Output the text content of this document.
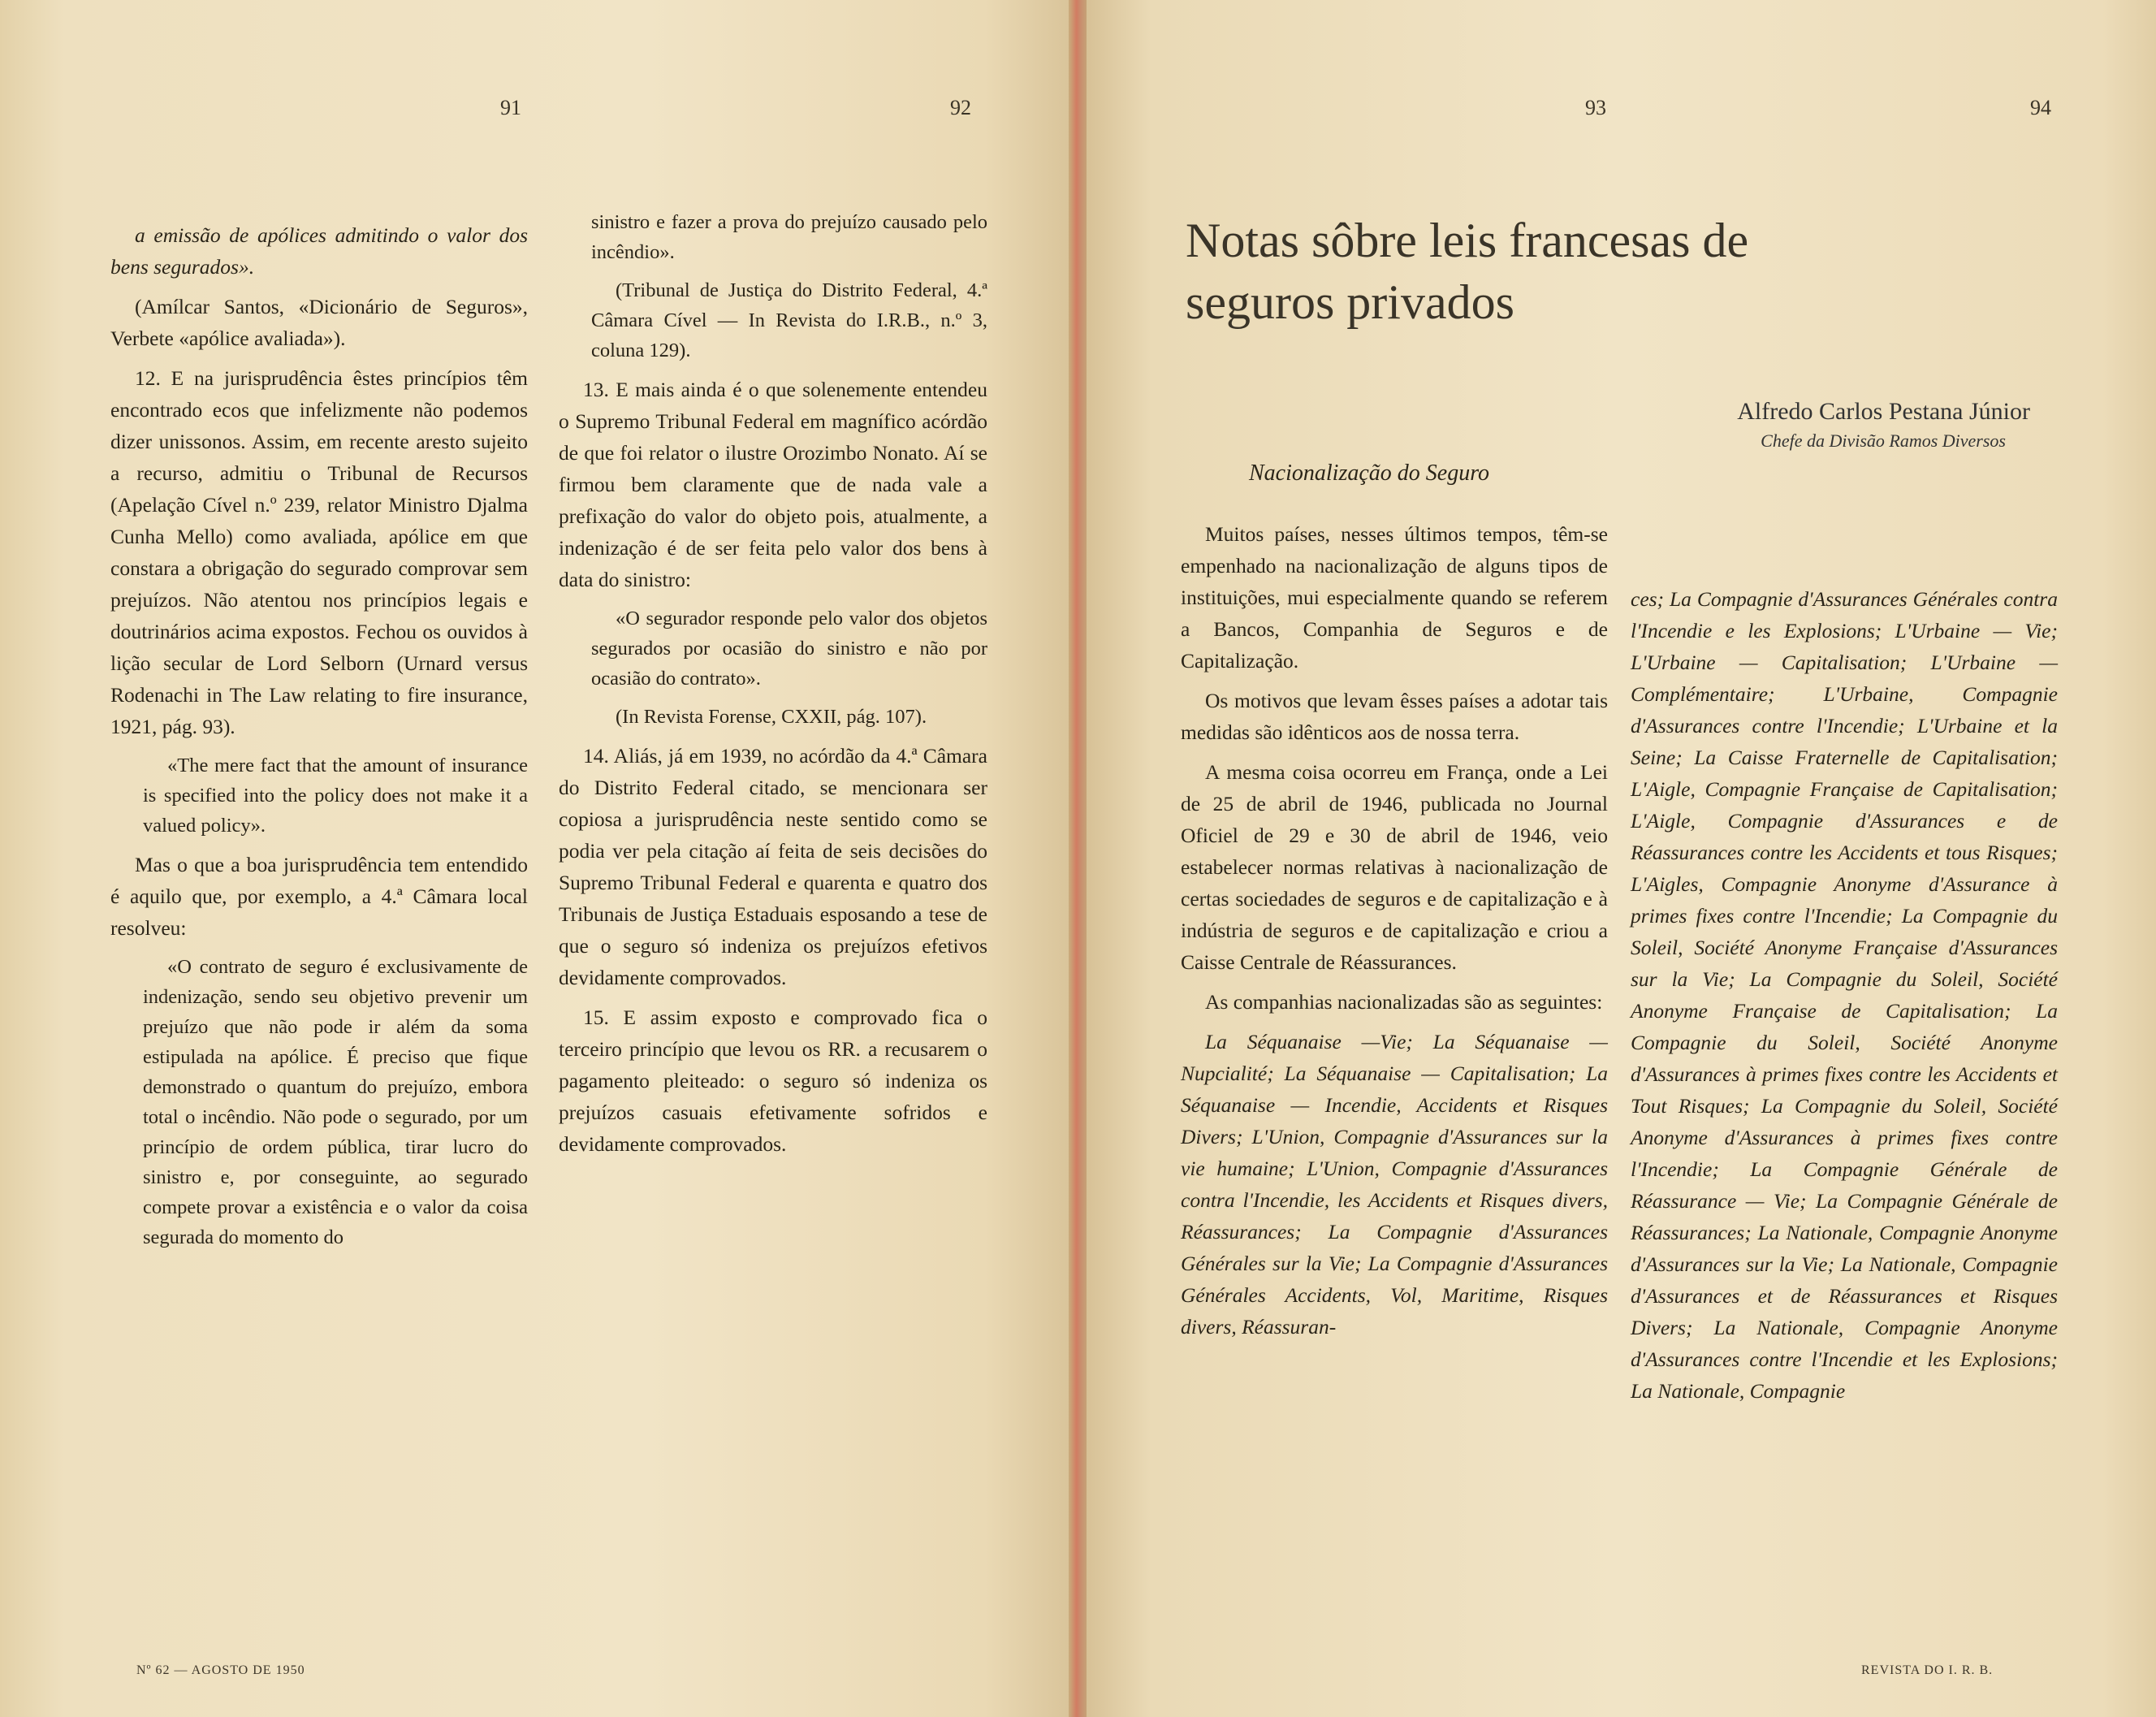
91	92	93	94

a emissão de apólices admitindo o valor dos bens segurados».

(Amílcar Santos, «Dicionário de Seguros», Verbete «apólice avaliada»).

12. E na jurisprudência êstes princípios têm encontrado ecos que infelizmente não podemos dizer unissonos. Assim, em recente aresto sujeito a recurso, admitiu o Tribunal de Recursos (Apelação Cível n.º 239, relator Ministro Djalma Cunha Mello) como avaliada, apólice em que constara a obrigação do segurado comprovar sem prejuízos. Não atentou nos princípios legais e doutrinários acima expostos. Fechou os ouvidos à lição secular de Lord Selborn (Urnard versus Rodenachi in The Law relating to fire insurance, 1921, pág. 93).

«The mere fact that the amount of insurance is specified into the policy does not make it a valued policy».

Mas o que a boa jurisprudência tem entendido é aquilo que, por exemplo, a 4.ª Câmara local resolveu:

«O contrato de seguro é exclusivamente de indenização, sendo seu objetivo prevenir um prejuízo que não pode ir além da soma estipulada na apólice. É preciso que fique demonstrado o quantum do prejuízo, embora total o incêndio. Não pode o segurado, por um princípio de ordem pública, tirar lucro do sinistro e, por conseguinte, ao segurado compete provar a existência e o valor da coisa segurada do momento do

sinistro e fazer a prova do prejuízo causado pelo incêndio».

(Tribunal de Justiça do Distrito Federal, 4.ª Câmara Cível — In Revista do I.R.B., n.º 3, coluna 129).

13. E mais ainda é o que solenemente entendeu o Supremo Tribunal Federal em magnífico acórdão de que foi relator o ilustre Orozimbo Nonato. Aí se firmou bem claramente que de nada vale a prefixação do valor do objeto pois, atualmente, a indenização é de ser feita pelo valor dos bens à data do sinistro:

«O segurador responde pelo valor dos objetos segurados por ocasião do sinistro e não por ocasião do contrato».

(In Revista Forense, CXXII, pág. 107).

14. Aliás, já em 1939, no acórdão da 4.ª Câmara do Distrito Federal citado, se mencionara ser copiosa a jurisprudência neste sentido como se podia ver pela citação aí feita de seis decisões do Supremo Tribunal Federal e quarenta e quatro dos Tribunais de Justiça Estaduais esposando a tese de que o seguro só indeniza os prejuízos efetivos devidamente comprovados.

15. E assim exposto e comprovado fica o terceiro princípio que levou os RR. a recusarem o pagamento pleiteado: o seguro só indeniza os prejuízos casuais efetivamente sofridos e devidamente comprovados.

Notas sôbre leis francesas de seguros privados
Alfredo Carlos Pestana Júnior
Chefe da Divisão Ramos Diversos
Nacionalização do Seguro

Muitos países, nesses últimos tempos, têm-se empenhado na nacionalização de alguns tipos de instituições, mui especialmente quando se referem a Bancos, Companhia de Seguros e de Capitalização.

Os motivos que levam êsses países a adotar tais medidas são idênticos aos de nossa terra.

A mesma coisa ocorreu em França, onde a Lei de 25 de abril de 1946, publicada no Journal Oficiel de 29 e 30 de abril de 1946, veio estabelecer normas relativas à nacionalização de certas sociedades de seguros e de capitalização e à indústria de seguros e de capitalização e criou a Caisse Centrale de Réassurances.

As companhias nacionalizadas são as seguintes:

La Séquanaise —Vie; La Séquanaise — Nupcialité; La Séquanaise — Capitalisation; La Séquanaise — Incendie, Accidents et Risques Divers; L'Union, Compagnie d'Assurances sur la vie humaine; L'Union, Compagnie d'Assurances contra l'Incendie, les Accidents et Risques divers, Réassurances; La Compagnie d'Assurances Générales sur la Vie; La Compagnie d'Assurances Générales Accidents, Vol, Maritime, Risques divers, Réassuran-

ces; La Compagnie d'Assurances Générales contra l'Incendie e les Explosions; L'Urbaine — Vie; L'Urbaine — Capitalisation; L'Urbaine — Complémentaire; L'Urbaine, Compagnie d'Assurances contre l'Incendie; L'Urbaine et la Seine; La Caisse Fraternelle de Capitalisation; L'Aigle, Compagnie Française de Capitalisation; L'Aigle, Compagnie d'Assurances e de Réassurances contre les Accidents et tous Risques; L'Aigles, Compagnie Anonyme d'Assurance à primes fixes contre l'Incendie; La Compagnie du Soleil, Société Anonyme Française d'Assurances sur la Vie; La Compagnie du Soleil, Société Anonyme Française de Capitalisation; La Compagnie du Soleil, Société Anonyme d'Assurances à primes fixes contre les Accidents et Tout Risques; La Compagnie du Soleil, Société Anonyme d'Assurances à primes fixes contre l'Incendie; La Compagnie Générale de Réassurance — Vie; La Compagnie Générale de Réassurances; La Nationale, Compagnie Anonyme d'Assurances sur la Vie; La Nationale, Compagnie d'Assurances et de Réassurances et Risques Divers; La Nationale, Compagnie Anonyme d'Assurances contre l'Incendie et les Explosions; La Nationale, Compagnie

Nº 62 — AGOSTO DE 1950	REVISTA DO I. R. B.
